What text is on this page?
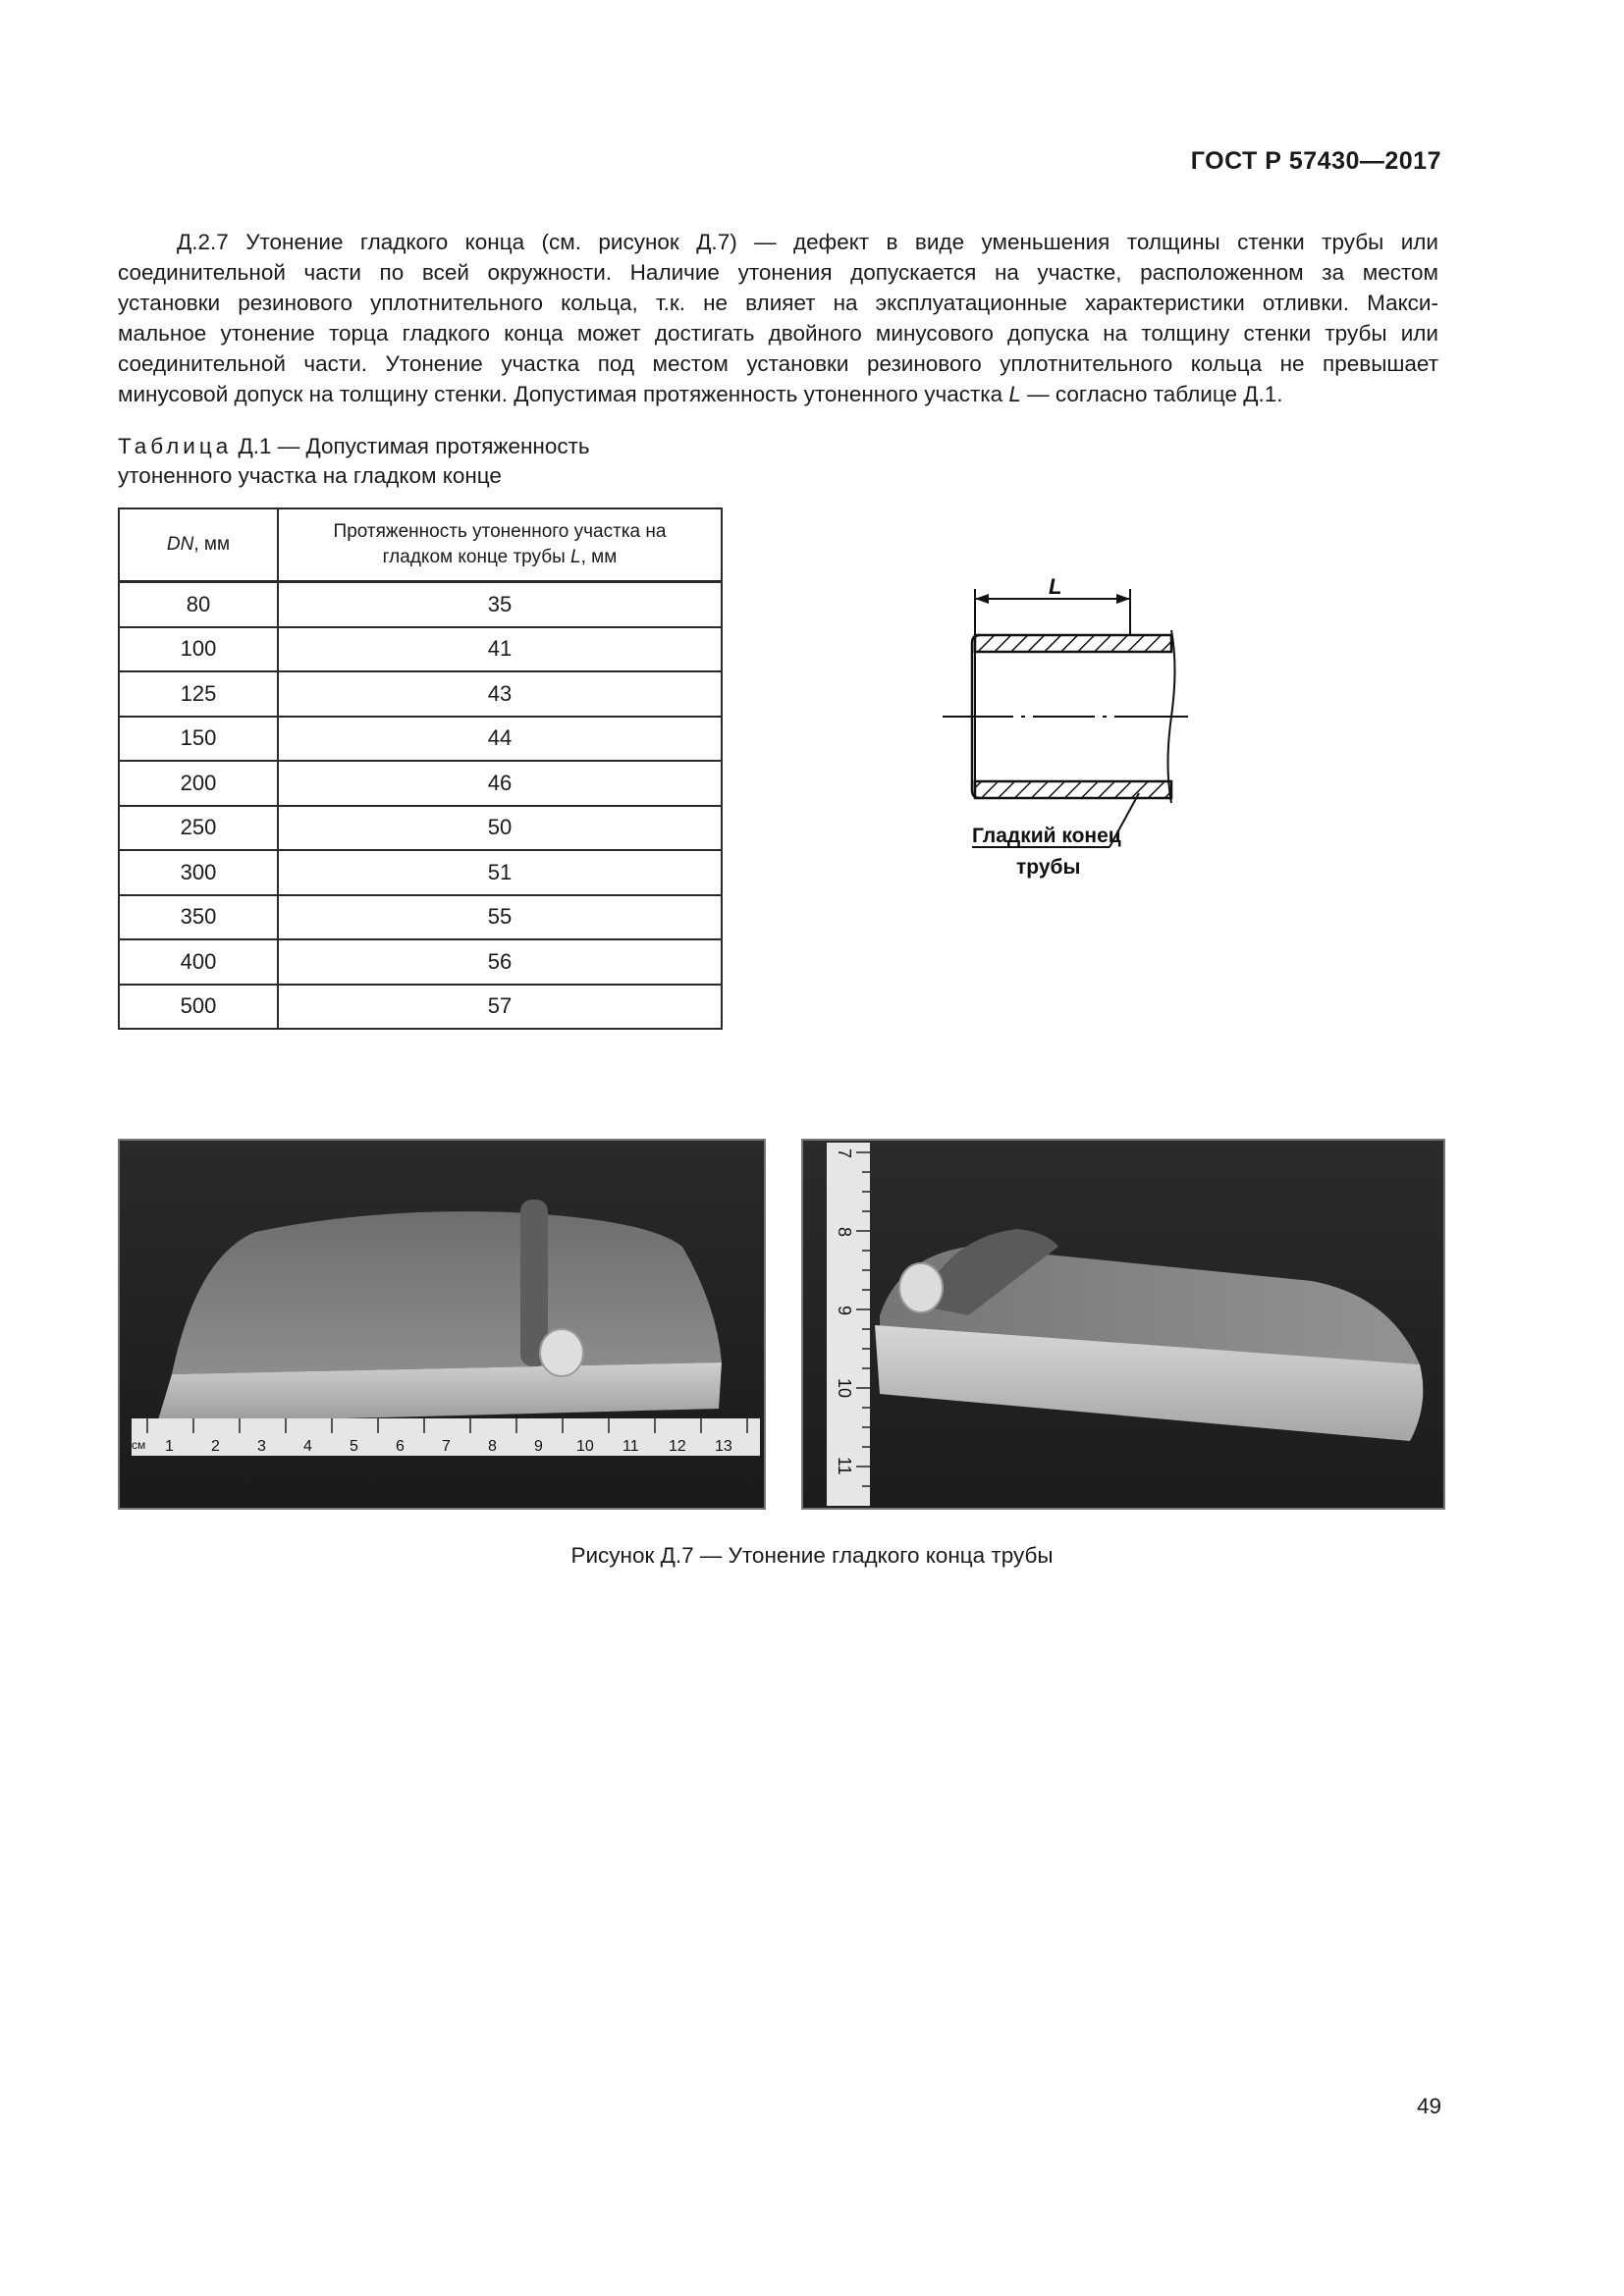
ГОСТ Р 57430—2017
Д.2.7 Утонение гладкого конца (см. рисунок Д.7) — дефект в виде уменьшения толщины стенки трубы или
соединительной части по всей окружности. Наличие утонения допускается на участке, расположенном за местом
установки резинового уплотнительного кольца, т.к. не влияет на эксплуатационные характеристики отливки. Макси-
мальное утонение торца гладкого конца может достигать двойного минусового допуска на толщину стенки трубы или
соединительной части. Утонение участка под местом установки резинового уплотнительного кольца не превышает
минусовой допуск на толщину стенки. Допустимая протяженность утоненного участка L — согласно таблице Д.1.
Таблица Д.1 — Допустимая протяженность
утоненного участка на гладком конце
DN, мм	Протяженность утоненного участка на
гладком конце трубы L, мм
80	35
100	41
125	43
150	44
200	46
250	50
300	51
350	55
400	56
500	57
L
Гладкий конец
трубы
cм 1 2 3 4 5 6 7 8 9 10 11 12 13
7
8
9
10
11
Рисунок Д.7 — Утонение гладкого конца трубы
49
